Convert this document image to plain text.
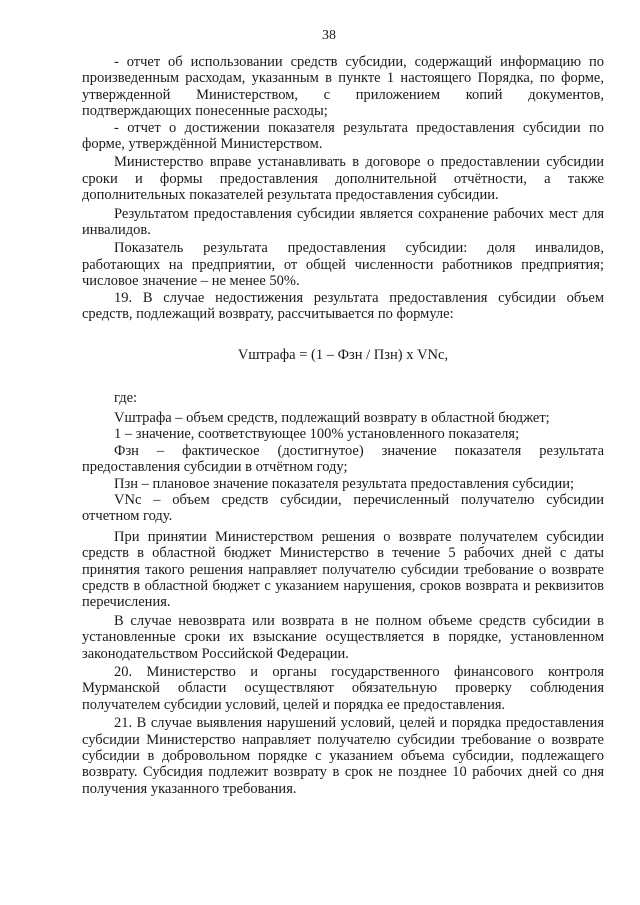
38

- отчет об использовании средств субсидии, содержащий информацию по произведенным расходам, указанным в пункте 1 настоящего Порядка, по форме, утвержденной Министерством, с приложением копий документов, подтверждающих понесенные расходы;

- отчет о достижении показателя результата предоставления субсидии по форме, утверждённой Министерством.

Министерство вправе устанавливать в договоре о предоставлении субсидии сроки и формы предоставления дополнительной отчётности, а также дополнительных показателей результата предоставления субсидии.

Результатом предоставления субсидии является сохранение рабочих мест для инвалидов.

Показатель результата предоставления субсидии: доля инвалидов, работающих на предприятии, от общей численности работников предприятия; числовое значение – не менее 50%.

19. В случае недостижения результата предоставления субсидии объем средств, подлежащий возврату, рассчитывается по формуле:

Vштрафа = (1 – Фзн / Пзн) х VNс,

где:

Vштрафа – объем средств, подлежащий возврату в областной бюджет;

1 – значение, соответствующее 100% установленного показателя;

Фзн – фактическое (достигнутое) значение показателя результата предоставления субсидии в отчётном году;

Пзн – плановое значение показателя результата предоставления субсидии;

VNс – объем средств субсидии, перечисленный получателю субсидии отчетном году.

При принятии Министерством решения о возврате получателем субсидии средств в областной бюджет Министерство в течение 5 рабочих дней с даты принятия такого решения направляет получателю субсидии требование о возврате средств в областной бюджет с указанием нарушения, сроков возврата и реквизитов перечисления.

В случае невозврата или возврата в не полном объеме средств субсидии в установленные сроки их взыскание осуществляется в порядке, установленном законодательством Российской Федерации.

20. Министерство и органы государственного финансового контроля Мурманской области осуществляют обязательную проверку соблюдения получателем субсидии условий, целей и порядка ее предоставления.

21. В случае выявления нарушений условий, целей и порядка предоставления субсидии Министерство направляет получателю субсидии требование о возврате субсидии в добровольном порядке с указанием объема субсидии, подлежащего возврату. Субсидия подлежит возврату в срок не позднее 10 рабочих дней со дня получения указанного требования.
